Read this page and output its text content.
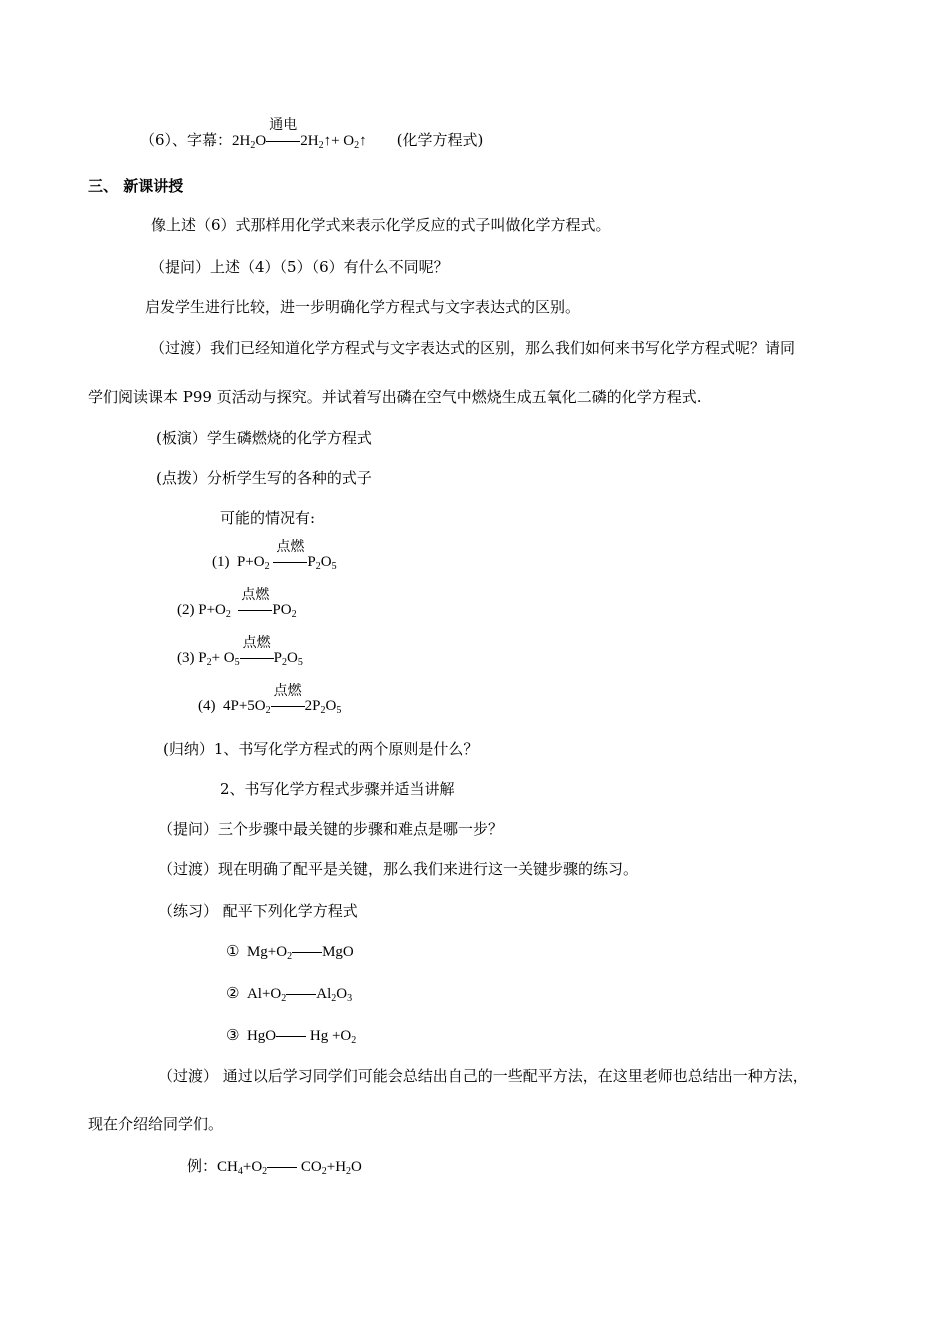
（6）、字幕：$2H_2O$
通电
$2H_2↑+$ $O_2↑$ (化学方程式)
三、 新课讲授
像上述（6）式那样用化学式来表示化学反应的式子叫做化学方程式。
（提问）上述（4）（5）（6）有什么不同呢？
启发学生进行比较，进一步明确化学方程式与文字表达式的区别。
（过渡）我们已经知道化学方程式与文字表达式的区别，那么我们如何来书写化学方程式呢？请同
学们阅读课本 P99 页活动与探究。并试着写出磷在空气中燃烧生成五氧化二磷的化学方程式.
(板演）学生磷燃烧的化学方程式
(点拨）分析学生写的各种的式子
可能的情况有:
(1) $P+O_2$
点燃
$P_2O_5$
(2) $P+O_2$
点燃
$PO_2$
(3) $P_2+ O_5$
点燃
$P_2O_5$
(4) $4P+5O_2$
点燃
$2P_2O_5$
(归纳）1、书写化学方程式的两个原则是什么？
2、书写化学方程式步骤并适当讲解
（提问）三个步骤中最关键的步骤和难点是哪一步？
（过渡）现在明确了配平是关键，那么我们来进行这一关键步骤的练习。
（练习） 配平下列化学方程式
① $Mg+O_2$ MgO
② $Al+O_2$ $Al_2O_3$
③ HgO $Hg +O_2$
（过渡） 通过以后学习同学们可能会总结出自己的一些配平方法，在这里老师也总结出一种方法，
现在介绍给同学们。
例：$CH_4+O_2$ $CO_2+H_2O$
